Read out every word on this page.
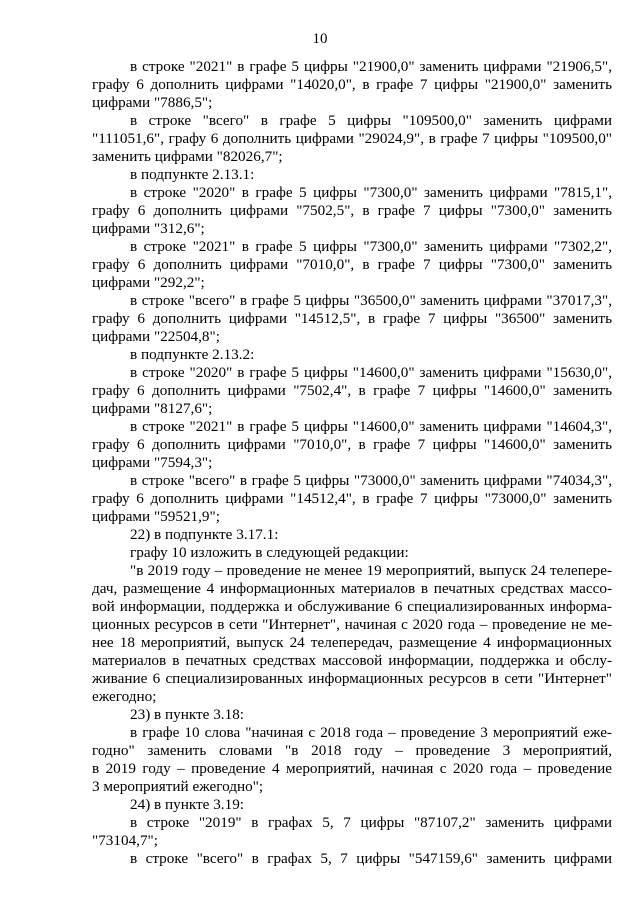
10
в строке "2021" в графе 5 цифры "21900,0" заменить цифрами "21906,5",
графу 6 дополнить цифрами "14020,0", в графе 7 цифры "21900,0" заменить
цифрами "7886,5";
в строке "всего" в графе 5 цифры "109500,0" заменить цифрами
"111051,6", графу 6 дополнить цифрами "29024,9", в графе 7 цифры "109500,0"
заменить цифрами "82026,7";
в подпункте 2.13.1:
в строке "2020" в графе 5 цифры "7300,0" заменить цифрами "7815,1",
графу 6 дополнить цифрами "7502,5", в графе 7 цифры "7300,0" заменить
цифрами "312,6";
в строке "2021" в графе 5 цифры "7300,0" заменить цифрами "7302,2",
графу 6 дополнить цифрами "7010,0", в графе 7 цифры "7300,0" заменить
цифрами "292,2";
в строке "всего" в графе 5 цифры "36500,0" заменить цифрами "37017,3",
графу 6 дополнить цифрами "14512,5", в графе 7 цифры "36500" заменить
цифрами "22504,8";
в подпункте 2.13.2:
в строке "2020" в графе 5 цифры "14600,0" заменить цифрами "15630,0",
графу 6 дополнить цифрами "7502,4", в графе 7 цифры "14600,0" заменить
цифрами "8127,6";
в строке "2021" в графе 5 цифры "14600,0" заменить цифрами "14604,3",
графу 6 дополнить цифрами "7010,0", в графе 7 цифры "14600,0" заменить
цифрами "7594,3";
в строке "всего" в графе 5 цифры "73000,0" заменить цифрами "74034,3",
графу 6 дополнить цифрами "14512,4", в графе 7 цифры "73000,0" заменить
цифрами "59521,9";
22) в подпункте 3.17.1:
графу 10 изложить в следующей редакции:
"в 2019 году – проведение не менее 19 мероприятий, выпуск 24 телепере-
дач, размещение 4 информационных материалов в печатных средствах массо-
вой информации, поддержка и обслуживание 6 специализированных информа-
ционных ресурсов в сети "Интернет", начиная с 2020 года – проведение не ме-
нее 18 мероприятий, выпуск 24 телепередач, размещение 4 информационных
материалов в печатных средствах массовой информации, поддержка и обслу-
живание 6 специализированных информационных ресурсов в сети "Интернет"
ежегодно;
23) в пункте 3.18:
в графе 10 слова "начиная с 2018 года – проведение 3 мероприятий еже-
годно" заменить словами "в 2018 году – проведение 3 мероприятий,
в 2019 году – проведение 4 мероприятий, начиная с 2020 года – проведение
3 мероприятий ежегодно";
24) в пункте 3.19:
в строке "2019" в графах 5, 7 цифры "87107,2" заменить цифрами
"73104,7";
в строке "всего" в графах 5, 7 цифры "547159,6" заменить цифрами
